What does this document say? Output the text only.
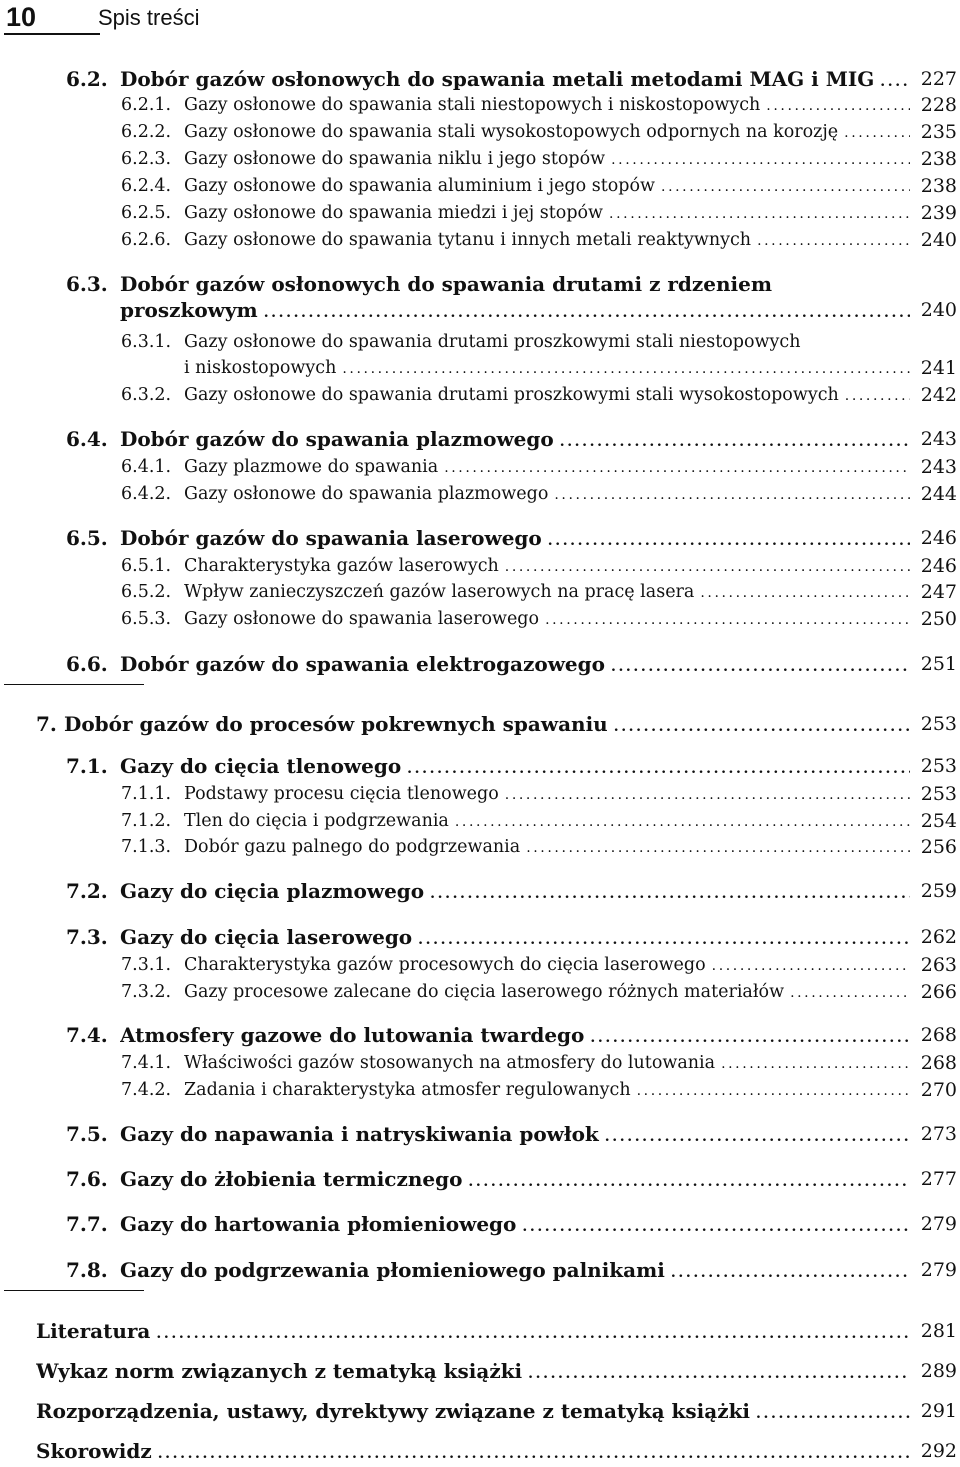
10	Spis treści
6.2. Dobór gazów osłonowych do spawania metali metodami MAG i MIG ..... 227
6.2.1. Gazy osłonowe do spawania stali niestopowych i niskostopowych .....	228
6.2.2. Gazy osłonowe do spawania stali wysokostopowych odpornych na korozję .....	235
6.2.3. Gazy osłonowe do spawania niklu i jego stopów .....	238
6.2.4. Gazy osłonowe do spawania aluminium i jego stopów .....	238
6.2.5. Gazy osłonowe do spawania miedzi i jej stopów .....	239
6.2.6. Gazy osłonowe do spawania tytanu i innych metali reaktywnych .....	240
6.3. Dobór gazów osłonowych do spawania drutami z rdzeniem
proszkowym .....	240
6.3.1. Gazy osłonowe do spawania drutami proszkowymi stali niestopowych
i niskostopowych .....	241
6.3.2. Gazy osłonowe do spawania drutami proszkowymi stali wysokostopowych .....	242
6.4. Dobór gazów do spawania plazmowego .....	243
6.4.1. Gazy plazmowe do spawania .....	243
6.4.2. Gazy osłonowe do spawania plazmowego .....	244
6.5. Dobór gazów do spawania laserowego .....	246
6.5.1. Charakterystyka gazów laserowych .....	246
6.5.2. Wpływ zanieczyszczeń gazów laserowych na pracę lasera .....	247
6.5.3. Gazy osłonowe do spawania laserowego .....	250
6.6. Dobór gazów do spawania elektrogazowego .....	251
7. Dobór gazów do procesów pokrewnych spawaniu .....	253
7.1. Gazy do cięcia tlenowego .....	253
7.1.1. Podstawy procesu cięcia tlenowego .....	253
7.1.2. Tlen do cięcia i podgrzewania .....	254
7.1.3. Dobór gazu palnego do podgrzewania .....	256
7.2. Gazy do cięcia plazmowego .....	259
7.3. Gazy do cięcia laserowego .....	262
7.3.1. Charakterystyka gazów procesowych do cięcia laserowego .....	263
7.3.2. Gazy procesowe zalecane do cięcia laserowego różnych materiałów .....	266
7.4. Atmosfery gazowe do lutowania twardego .....	268
7.4.1. Właściwości gazów stosowanych na atmosfery do lutowania .....	268
7.4.2. Zadania i charakterystyka atmosfer regulowanych .....	270
7.5. Gazy do napawania i natryskiwania powłok .....	273
7.6. Gazy do żłobienia termicznego .....	277
7.7. Gazy do hartowania płomieniowego .....	279
7.8. Gazy do podgrzewania płomieniowego palnikami .....	279
Literatura .....	281
Wykaz norm związanych z tematyką książki .....	289
Rozporządzenia, ustawy, dyrektywy związane z tematyką książki .....	291
Skorowidz .....	292
